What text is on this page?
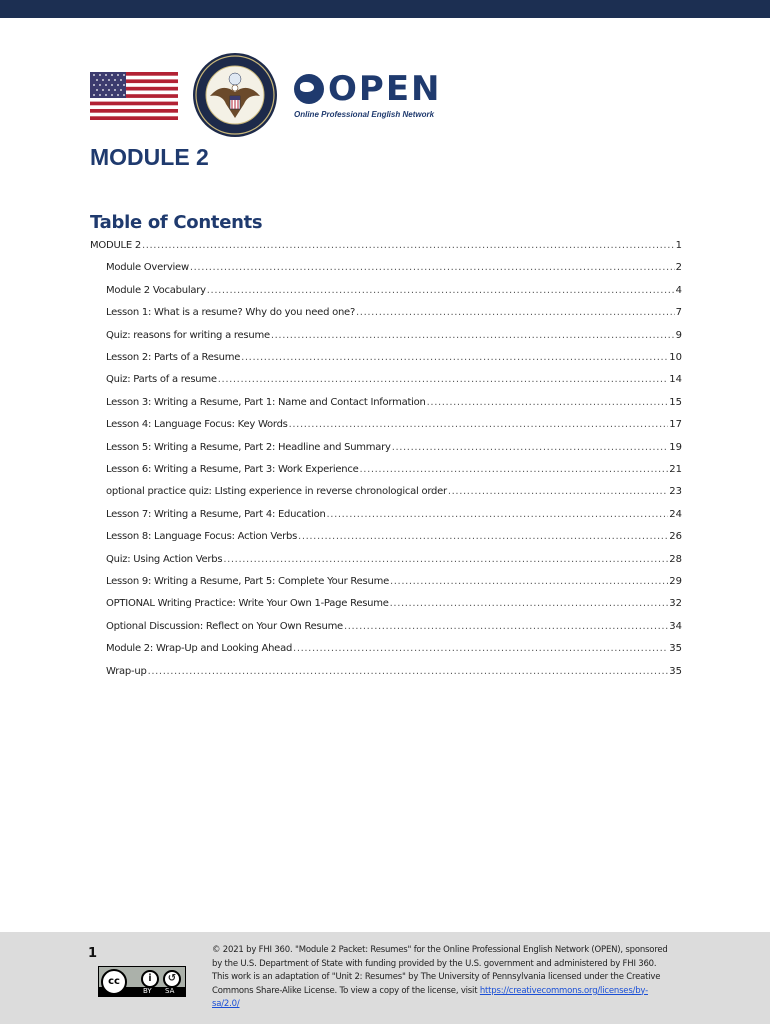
OPEN
Online Professional English Network
MODULE 2
Table of Contents
MODULE 2 .....	1
Module Overview .....	2
Module 2 Vocabulary .....	4
Lesson 1: What is a resume? Why do you need one? .....	7
Quiz: reasons for writing a resume .....	9
Lesson 2: Parts of a Resume .....	10
Quiz: Parts of a resume .....	14
Lesson 3: Writing a Resume, Part 1: Name and Contact Information .....	15
Lesson 4: Language Focus: Key Words .....	17
Lesson 5: Writing a Resume, Part 2: Headline and Summary .....	19
Lesson 6: Writing a Resume, Part 3: Work Experience .....	21
optional practice quiz: LIsting experience in reverse chronological order .....	23
Lesson 7: Writing a Resume, Part 4: Education .....	24
Lesson 8: Language Focus: Action Verbs .....	26
Quiz: Using Action Verbs .....	28
Lesson 9: Writing a Resume, Part 5: Complete Your Resume .....	29
OPTIONAL Writing Practice: Write Your Own 1-Page Resume .....	32
Optional Discussion: Reflect on Your Own Resume .....	34
Module 2: Wrap-Up and Looking Ahead .....	35
Wrap-up .....	35
1
cc	i	↺
BY SA
© 2021 by FHI 360. "Module 2 Packet: Resumes" for the Online Professional English Network (OPEN), sponsored by the U.S. Department of State with funding provided by the U.S. government and administered by FHI 360. This work is an adaptation of "Unit 2: Resumes" by The University of Pennsylvania licensed under the Creative Commons Share-Alike License. To view a copy of the license, visit https://creativecommons.org/licenses/by-sa/2.0/
